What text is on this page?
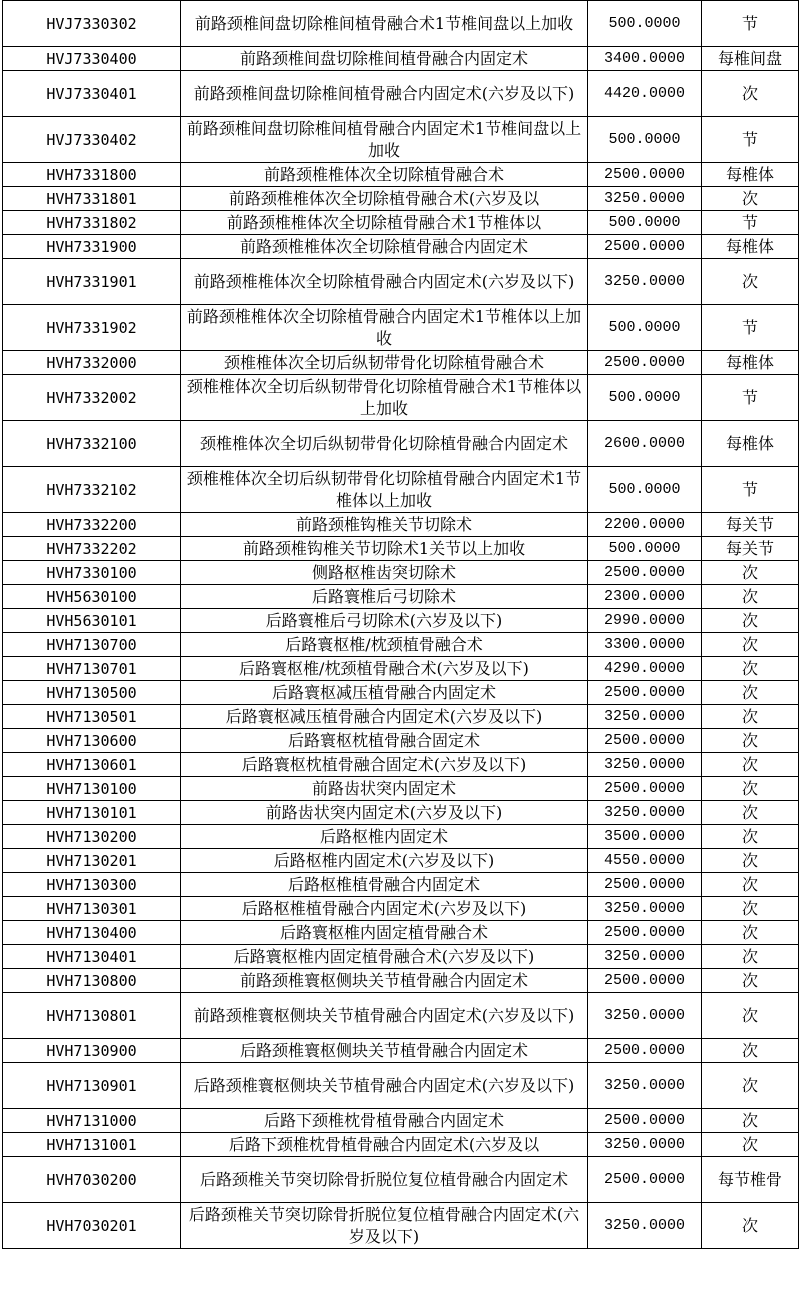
HVJ7330302	前路颈椎间盘切除椎间植骨融合术1节椎间盘以上加收	500.0000	节
HVJ7330400	前路颈椎间盘切除椎间植骨融合内固定术	3400.0000	每椎间盘
HVJ7330401	前路颈椎间盘切除椎间植骨融合内固定术(六岁及以下)	4420.0000	次
HVJ7330402	前路颈椎间盘切除椎间植骨融合内固定术1节椎间盘以上加收	500.0000	节
HVH7331800	前路颈椎椎体次全切除植骨融合术	2500.0000	每椎体
HVH7331801	前路颈椎椎体次全切除植骨融合术(六岁及以	3250.0000	次
HVH7331802	前路颈椎椎体次全切除植骨融合术1节椎体以	500.0000	节
HVH7331900	前路颈椎椎体次全切除植骨融合内固定术	2500.0000	每椎体
HVH7331901	前路颈椎椎体次全切除植骨融合内固定术(六岁及以下)	3250.0000	次
HVH7331902	前路颈椎椎体次全切除植骨融合内固定术1节椎体以上加收	500.0000	节
HVH7332000	颈椎椎体次全切后纵韧带骨化切除植骨融合术	2500.0000	每椎体
HVH7332002	颈椎椎体次全切后纵韧带骨化切除植骨融合术1节椎体以上加收	500.0000	节
HVH7332100	颈椎椎体次全切后纵韧带骨化切除植骨融合内固定术	2600.0000	每椎体
HVH7332102	颈椎椎体次全切后纵韧带骨化切除植骨融合内固定术1节椎体以上加收	500.0000	节
HVH7332200	前路颈椎钩椎关节切除术	2200.0000	每关节
HVH7332202	前路颈椎钩椎关节切除术1关节以上加收	500.0000	每关节
HVH7330100	侧路枢椎齿突切除术	2500.0000	次
HVH5630100	后路寰椎后弓切除术	2300.0000	次
HVH5630101	后路寰椎后弓切除术(六岁及以下)	2990.0000	次
HVH7130700	后路寰枢椎/枕颈植骨融合术	3300.0000	次
HVH7130701	后路寰枢椎/枕颈植骨融合术(六岁及以下)	4290.0000	次
HVH7130500	后路寰枢减压植骨融合内固定术	2500.0000	次
HVH7130501	后路寰枢减压植骨融合内固定术(六岁及以下)	3250.0000	次
HVH7130600	后路寰枢枕植骨融合固定术	2500.0000	次
HVH7130601	后路寰枢枕植骨融合固定术(六岁及以下)	3250.0000	次
HVH7130100	前路齿状突内固定术	2500.0000	次
HVH7130101	前路齿状突内固定术(六岁及以下)	3250.0000	次
HVH7130200	后路枢椎内固定术	3500.0000	次
HVH7130201	后路枢椎内固定术(六岁及以下)	4550.0000	次
HVH7130300	后路枢椎植骨融合内固定术	2500.0000	次
HVH7130301	后路枢椎植骨融合内固定术(六岁及以下)	3250.0000	次
HVH7130400	后路寰枢椎内固定植骨融合术	2500.0000	次
HVH7130401	后路寰枢椎内固定植骨融合术(六岁及以下)	3250.0000	次
HVH7130800	前路颈椎寰枢侧块关节植骨融合内固定术	2500.0000	次
HVH7130801	前路颈椎寰枢侧块关节植骨融合内固定术(六岁及以下)	3250.0000	次
HVH7130900	后路颈椎寰枢侧块关节植骨融合内固定术	2500.0000	次
HVH7130901	后路颈椎寰枢侧块关节植骨融合内固定术(六岁及以下)	3250.0000	次
HVH7131000	后路下颈椎枕骨植骨融合内固定术	2500.0000	次
HVH7131001	后路下颈椎枕骨植骨融合内固定术(六岁及以	3250.0000	次
HVH7030200	后路颈椎关节突切除骨折脱位复位植骨融合内固定术	2500.0000	每节椎骨
HVH7030201	后路颈椎关节突切除骨折脱位复位植骨融合内固定术(六岁及以下)	3250.0000	次
